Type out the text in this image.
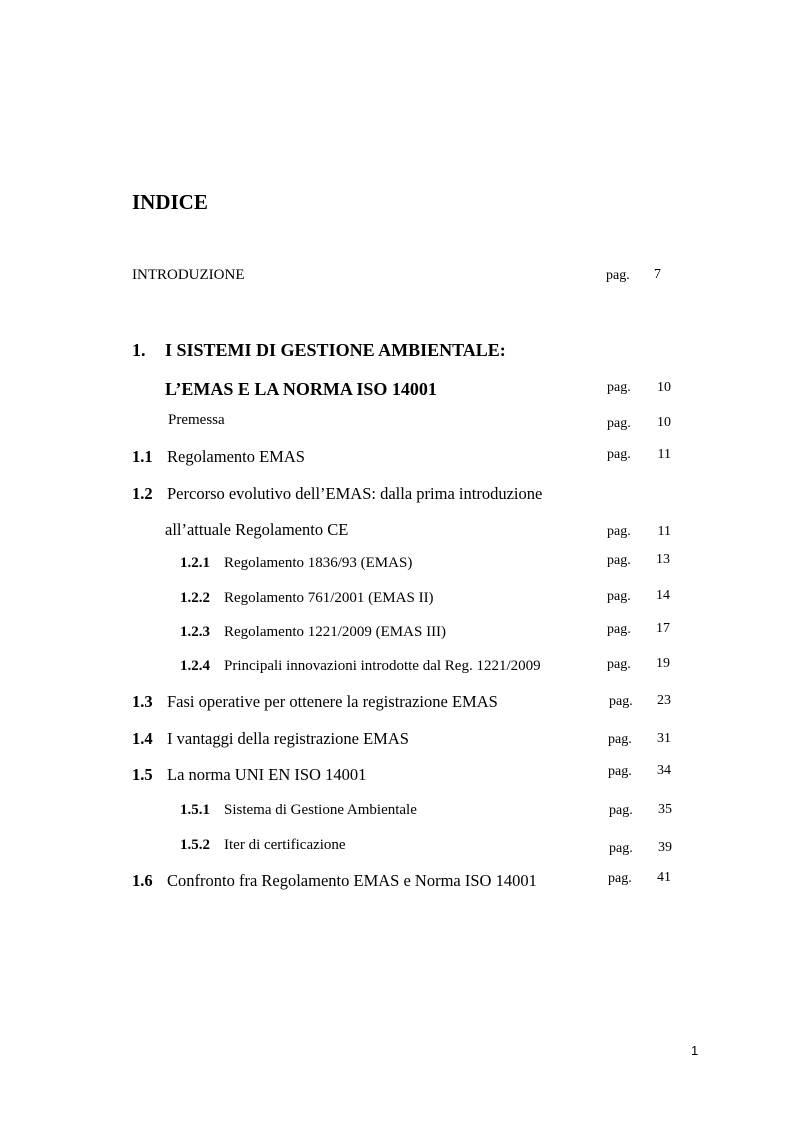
INDICE
INTRODUZIONE	pag.	7
1. I SISTEMI DI GESTIONE AMBIENTALE:
L’EMAS E LA NORMA ISO 14001	pag.	10
Premessa	pag.	10
1.1 Regolamento EMAS	pag.	11
1.2 Percorso evolutivo dell’EMAS: dalla prima introduzione
all’attuale Regolamento CE	pag.	11
1.2.1 Regolamento 1836/93 (EMAS)	pag.	13
1.2.2 Regolamento 761/2001 (EMAS II)	pag.	14
1.2.3 Regolamento 1221/2009 (EMAS III)	pag.	17
1.2.4 Principali innovazioni introdotte dal Reg. 1221/2009	pag.	19
1.3 Fasi operative per ottenere la registrazione EMAS	pag.	23
1.4 I vantaggi della registrazione EMAS	pag.	31
1.5 La norma UNI EN ISO 14001	pag.	34
1.5.1 Sistema di Gestione Ambientale	pag.	35
1.5.2 Iter di certificazione	pag.	39
1.6 Confronto fra Regolamento EMAS e Norma ISO 14001	pag.	41
1
